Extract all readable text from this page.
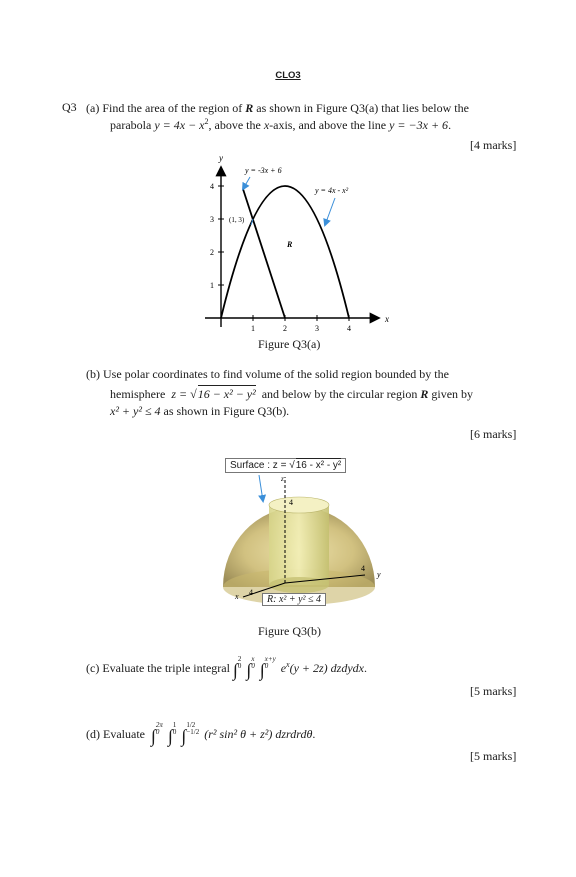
CLO3
Q3 (a) Find the area of the region of R as shown in Figure Q3(a) that lies below the
parabola $y = 4x - x^2$, above the x-axis, and above the line y = −3x + 6.
[4 marks]
x
y
1	2	3	4
1
2
3
4
y = -3x + 6
y = 4x - x²
(1, 3)
R
Figure Q3(a)
(b) Use polar coordinates to find volume of the solid region bounded by the
hemisphere z = √16 − x² − y² and below by the circular region R given by
x² + y² ≤ 4 as shown in Figure Q3(b).
[6 marks]
Surface : z = √16 - x² - y²
z
4
4
y
4
x	R: x² + y² ≤ 4
Figure Q3(b)
(c) Evaluate the triple integral ∫
2
0 ∫
x
0 ∫
x+y
0	$e^x(y + 2z)$ dzdydx.
[5 marks]
(d) Evaluate ∫
2π
0 ∫
1
0 ∫
1/2
−1/2 (r² sin² θ + z²) dzrdrdθ.
[5 marks]
